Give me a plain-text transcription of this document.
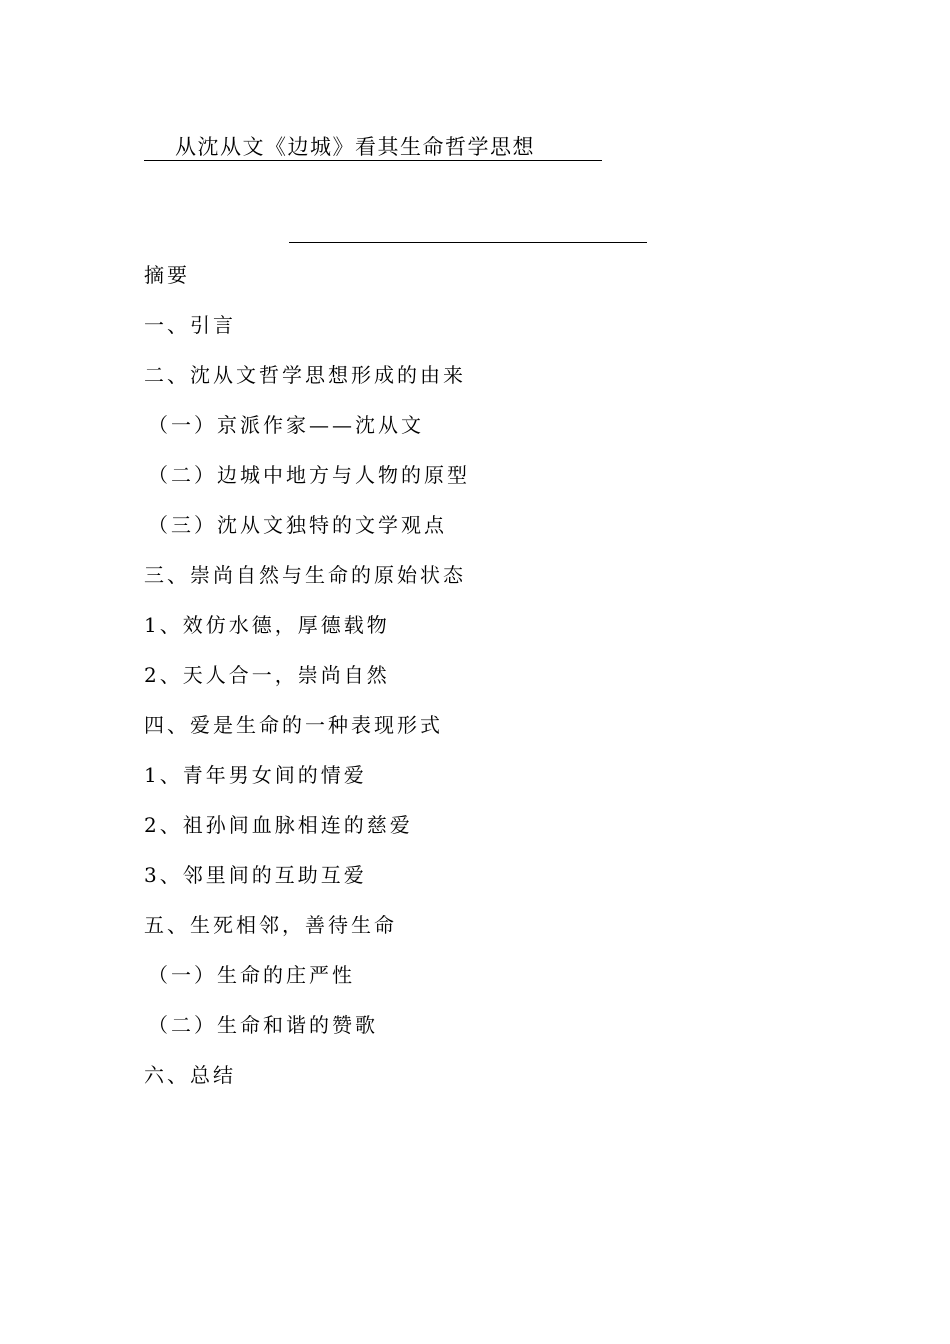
从沈从文《边城》看其生命哲学思想
摘要
一、引言
二、沈从文哲学思想形成的由来
（一）京派作家——沈从文
（二）边城中地方与人物的原型
（三）沈从文独特的文学观点
三、崇尚自然与生命的原始状态
1、效仿水德，厚德载物
2、天人合一，崇尚自然
四、爱是生命的一种表现形式
1、青年男女间的情爱
2、祖孙间血脉相连的慈爱
3、邻里间的互助互爱
五、生死相邻，善待生命
（一）生命的庄严性
（二）生命和谐的赞歌
六、总结
